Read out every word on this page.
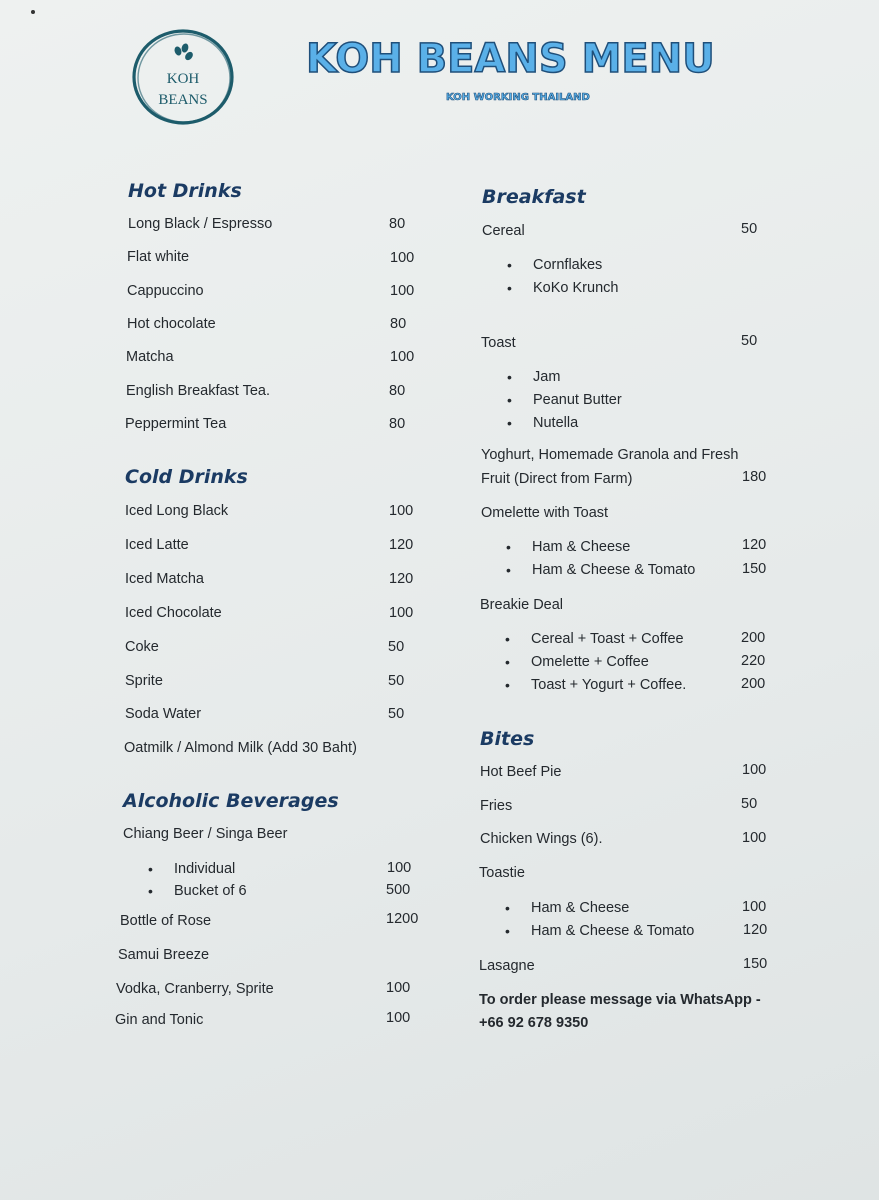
KOH
BEANS
KOH BEANS MENU
KOH WORKING THAILAND
Hot Drinks
Long Black / Espresso	80
Flat white	100
Cappuccino	100
Hot chocolate	80
Matcha	100
English Breakfast Tea.	80
Peppermint Tea	80
Cold Drinks
Iced Long Black	100
Iced Latte	120
Iced Matcha	120
Iced Chocolate	100
Coke	50
Sprite	50
Soda Water	50
Oatmilk / Almond Milk (Add 30 Baht)
Alcoholic Beverages
Chiang Beer / Singa Beer
• Individual	100
• Bucket of 6	500
Bottle of Rose	1200
Samui Breeze
Vodka, Cranberry, Sprite	100
Gin and Tonic	100
Breakfast
Cereal	50
• Cornflakes
• KoKo Krunch
Toast	50
• Jam
• Peanut Butter
• Nutella
Yoghurt, Homemade Granola and Fresh
Fruit (Direct from Farm)	180
Omelette with Toast
• Ham & Cheese	120
• Ham & Cheese & Tomato	150
Breakie Deal
• Cereal + Toast + Coffee	200
• Omelette + Coffee	220
• Toast + Yogurt + Coffee.	200
Bites
Hot Beef Pie	100
Fries	50
Chicken Wings (6).	100
Toastie
• Ham & Cheese	100
• Ham & Cheese & Tomato	120
Lasagne	150
To order please message via WhatsApp -
+66 92 678 9350
